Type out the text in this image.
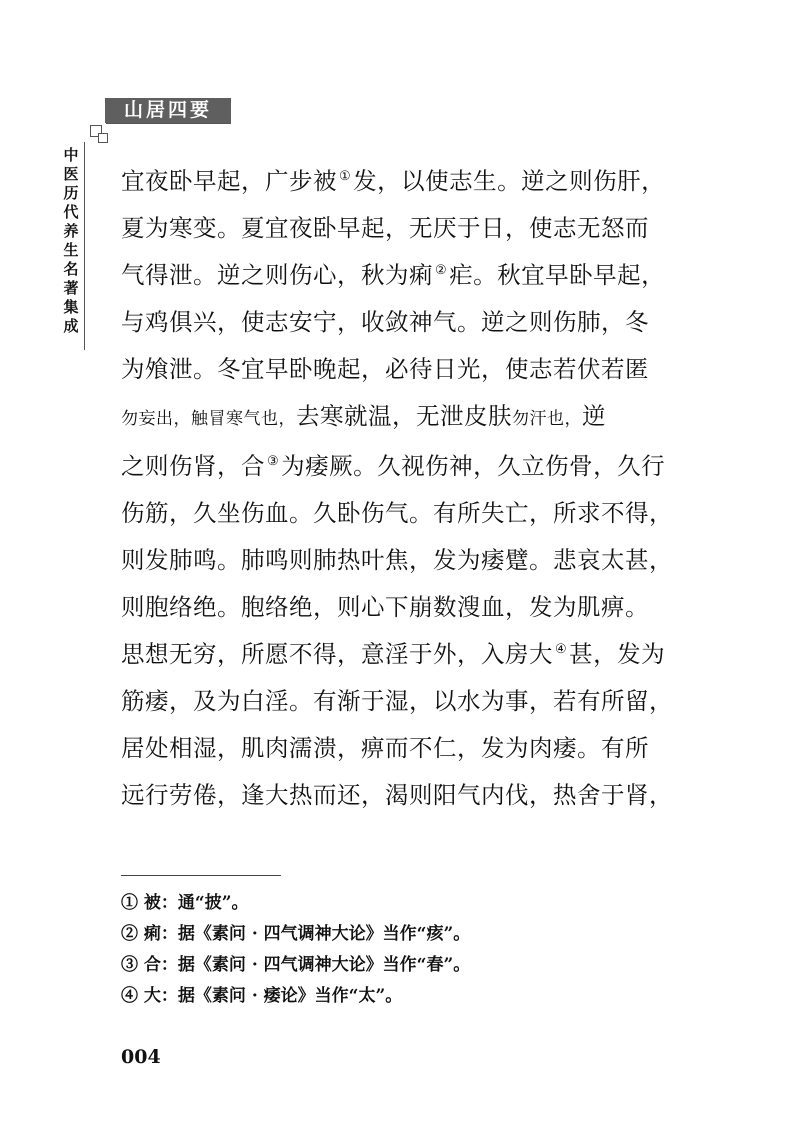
山居四要
中
医
历
代
养
生
名
著
集
成

宜夜卧早起，广步被 ①发，以使志生。逆之则伤肝，

夏为寒变。夏宜夜卧早起，无厌于日，使志无怒而

气得泄。逆之则伤心，秋为痢 ②疟。秋宜早卧早起，

与鸡俱兴，使志安宁，收敛神气。逆之则伤肺，冬

为飧泄。冬宜早卧晚起，必待日光，使志若伏若匿

勿妄出，触冒寒气也，去寒就温，无泄皮肤勿汗也，逆

之则伤肾，合 ③为痿厥。久视伤神，久立伤骨，久行

伤筋，久坐伤血。久卧伤气。有所失亡，所求不得，

则发肺鸣。肺鸣则肺热叶焦，发为痿躄。悲哀太甚，

则胞络绝。胞络绝，则心下崩数溲血，发为肌痹。

思想无穷，所愿不得，意淫于外，入房大 ④甚，发为

筋痿，及为白淫。有渐于湿，以水为事，若有所留，

居处相湿，肌肉濡溃，痹而不仁，发为肉痿。有所

远行劳倦，逢大热而还，渴则阳气内伐，热舍于肾，

① 被：通“披”。
② 痢：据《素问 · 四气调神大论》当作“痎”。
③ 合：据《素问 · 四气调神大论》当作“春”。
④ 大：据《素问 · 痿论》当作“太”。
004
